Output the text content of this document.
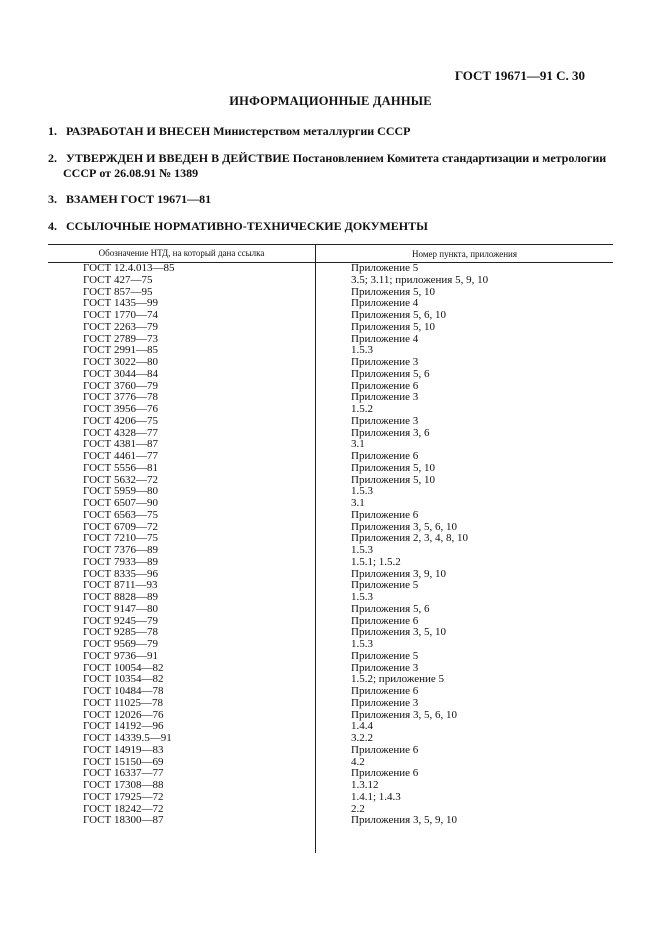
ГОСТ 19671—91 С. 30
ИНФОРМАЦИОННЫЕ ДАННЫЕ
1. РАЗРАБОТАН И ВНЕСЕН Министерством металлургии СССР
2. УТВЕРЖДЕН И ВВЕДЕН В ДЕЙСТВИЕ Постановлением Комитета стандартизации и метрологии
СССР от 26.08.91 № 1389
3. ВЗАМЕН ГОСТ 19671—81
4. ССЫЛОЧНЫЕ НОРМАТИВНО-ТЕХНИЧЕСКИЕ ДОКУМЕНТЫ
Обозначение НТД, на который дана ссылка	Номер пункта, приложения
ГОСТ 12.4.013—85	Приложение 5
ГОСТ 427—75	3.5; 3.11; приложения 5, 9, 10
ГОСТ 857—95	Приложения 5, 10
ГОСТ 1435—99	Приложение 4
ГОСТ 1770—74	Приложения 5, 6, 10
ГОСТ 2263—79	Приложения 5, 10
ГОСТ 2789—73	Приложение 4
ГОСТ 2991—85	1.5.3
ГОСТ 3022—80	Приложение 3
ГОСТ 3044—84	Приложения 5, 6
ГОСТ 3760—79	Приложение 6
ГОСТ 3776—78	Приложение 3
ГОСТ 3956—76	1.5.2
ГОСТ 4206—75	Приложение 3
ГОСТ 4328—77	Приложения 3, 6
ГОСТ 4381—87	3.1
ГОСТ 4461—77	Приложение 6
ГОСТ 5556—81	Приложения 5, 10
ГОСТ 5632—72	Приложения 5, 10
ГОСТ 5959—80	1.5.3
ГОСТ 6507—90	3.1
ГОСТ 6563—75	Приложение 6
ГОСТ 6709—72	Приложения 3, 5, 6, 10
ГОСТ 7210—75	Приложения 2, 3, 4, 8, 10
ГОСТ 7376—89	1.5.3
ГОСТ 7933—89	1.5.1; 1.5.2
ГОСТ 8335—96	Приложения 3, 9, 10
ГОСТ 8711—93	Приложение 5
ГОСТ 8828—89	1.5.3
ГОСТ 9147—80	Приложения 5, 6
ГОСТ 9245—79	Приложение 6
ГОСТ 9285—78	Приложения 3, 5, 10
ГОСТ 9569—79	1.5.3
ГОСТ 9736—91	Приложение 5
ГОСТ 10054—82	Приложение 3
ГОСТ 10354—82	1.5.2; приложение 5
ГОСТ 10484—78	Приложение 6
ГОСТ 11025—78	Приложение 3
ГОСТ 12026—76	Приложения 3, 5, 6, 10
ГОСТ 14192—96	1.4.4
ГОСТ 14339.5—91	3.2.2
ГОСТ 14919—83	Приложение 6
ГОСТ 15150—69	4.2
ГОСТ 16337—77	Приложение 6
ГОСТ 17308—88	1.3.12
ГОСТ 17925—72	1.4.1; 1.4.3
ГОСТ 18242—72	2.2
ГОСТ 18300—87	Приложения 3, 5, 9, 10
